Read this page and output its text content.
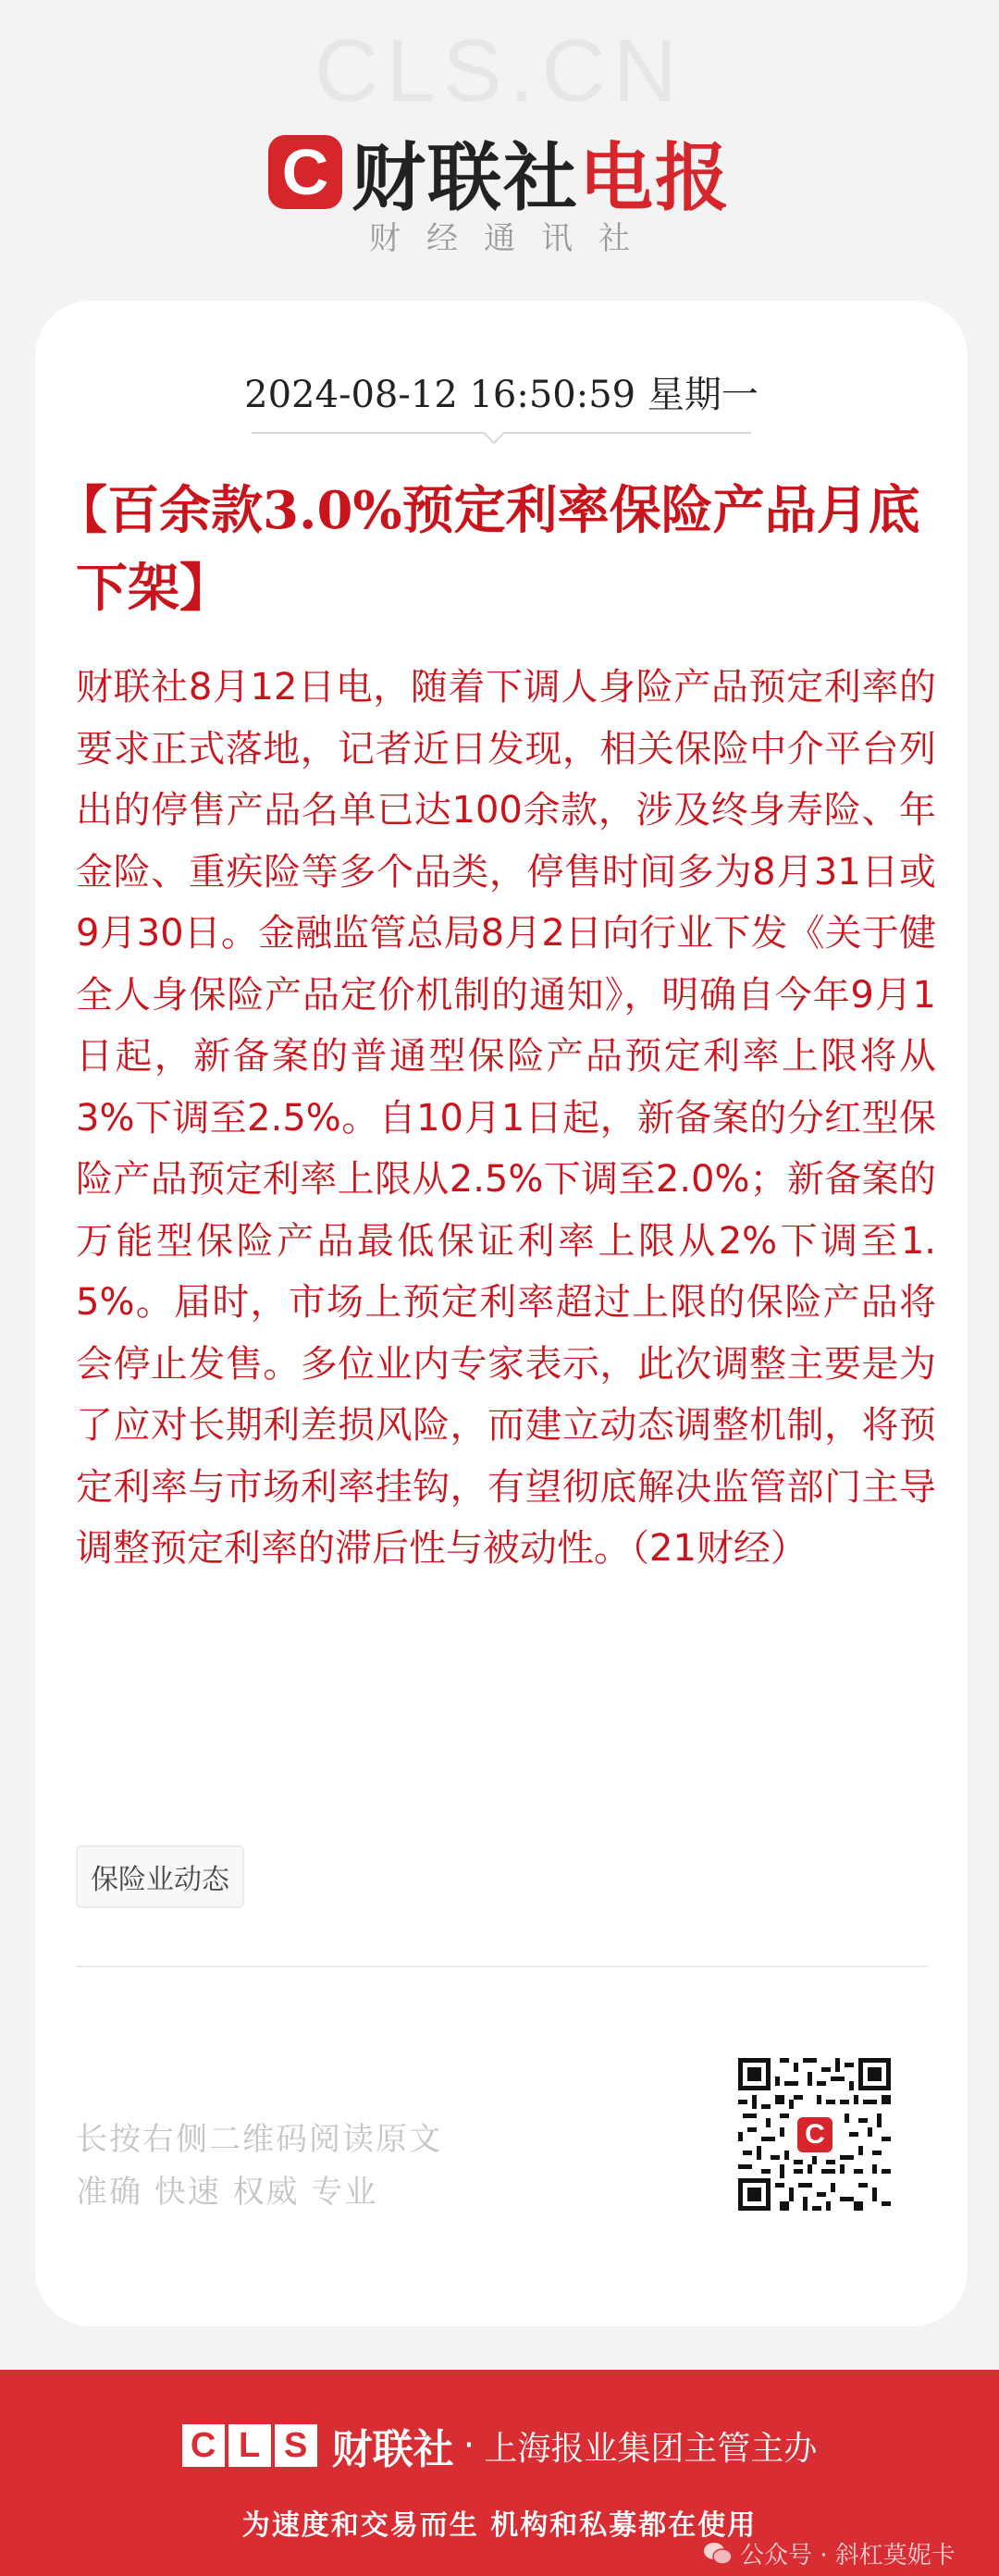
CLS.CN
C 财联社 电报
财经通讯社
2024-08-12 16:50:59 星期一
【百余款3.0%预定利率保险产品月底下架】
财联社8月12日电，随着下调人身险产品预定利率的要求正式落地，记者近日发现，相关保险中介平台列出的停售产品名单已达100余款，涉及终身寿险、年金险、重疾险等多个品类，停售时间多为8月31日或9月30日。金融监管总局8月2日向行业下发《关于健全人身保险产品定价机制的通知》，明确自今年9月1日起，新备案的普通型保险产品预定利率上限将从3%下调至2.5%。自10月1日起，新备案的分红型保险产品预定利率上限从2.5%下调至2.0%；新备案的万能型保险产品最低保证利率上限从2%下调至1.5%。届时，市场上预定利率超过上限的保险产品将会停止发售。多位业内专家表示，此次调整主要是为了应对长期利差损风险，而建立动态调整机制，将预定利率与市场利率挂钩，有望彻底解决监管部门主导调整预定利率的滞后性与被动性。（21财经）
保险业动态
长按右侧二维码阅读原文
准确 快速 权威 专业
C
C L S 财联社 · 上海报业集团主管主办
为速度和交易而生 机构和私募都在使用
公众号 · 斜杠莫妮卡
